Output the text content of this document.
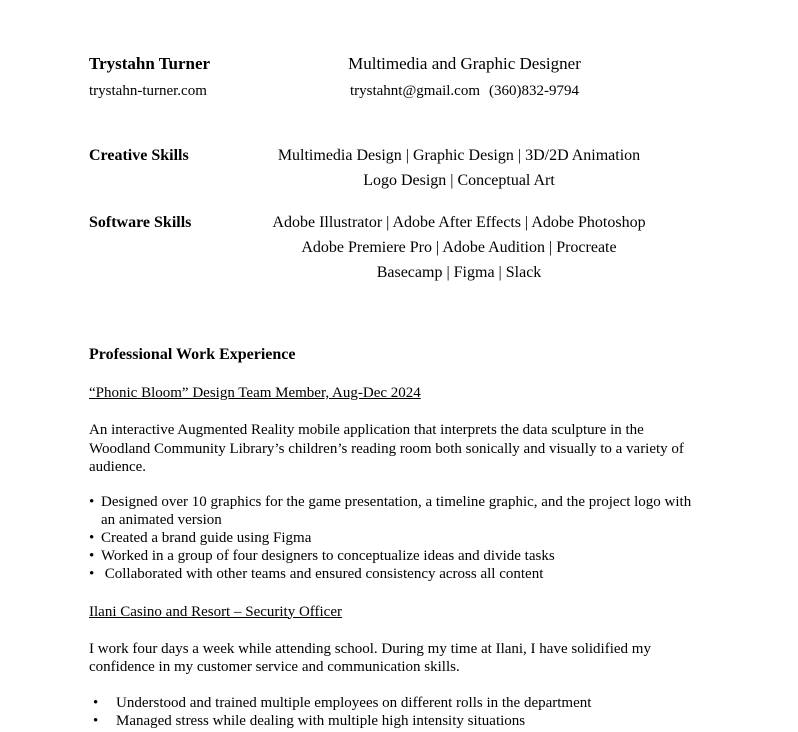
Trystahn Turner	Multimedia and Graphic Designer
trystahn-turner.com	trystahnt@gmail.com (360)832-9794
Creative Skills	Multimedia Design | Graphic Design | 3D/2D Animation
Logo Design | Conceptual Art
Software Skills	Adobe Illustrator | Adobe After Effects | Adobe Photoshop
Adobe Premiere Pro | Adobe Audition | Procreate
Basecamp | Figma | Slack
Professional Work Experience
“Phonic Bloom” Design Team Member, Aug-Dec 2024
An interactive Augmented Reality mobile application that interprets the data sculpture in the Woodland Community Library’s children’s reading room both sonically and visually to a variety of audience.
• Designed over 10 graphics for the game presentation, a timeline graphic, and the project logo with an animated version
• Created a brand guide using Figma
• Worked in a group of four designers to conceptualize ideas and divide tasks
• Collaborated with other teams and ensured consistency across all content
Ilani Casino and Resort – Security Officer
I work four days a week while attending school. During my time at Ilani, I have solidified my confidence in my customer service and communication skills.
•	Understood and trained multiple employees on different rolls in the department
•	Managed stress while dealing with multiple high intensity situations
